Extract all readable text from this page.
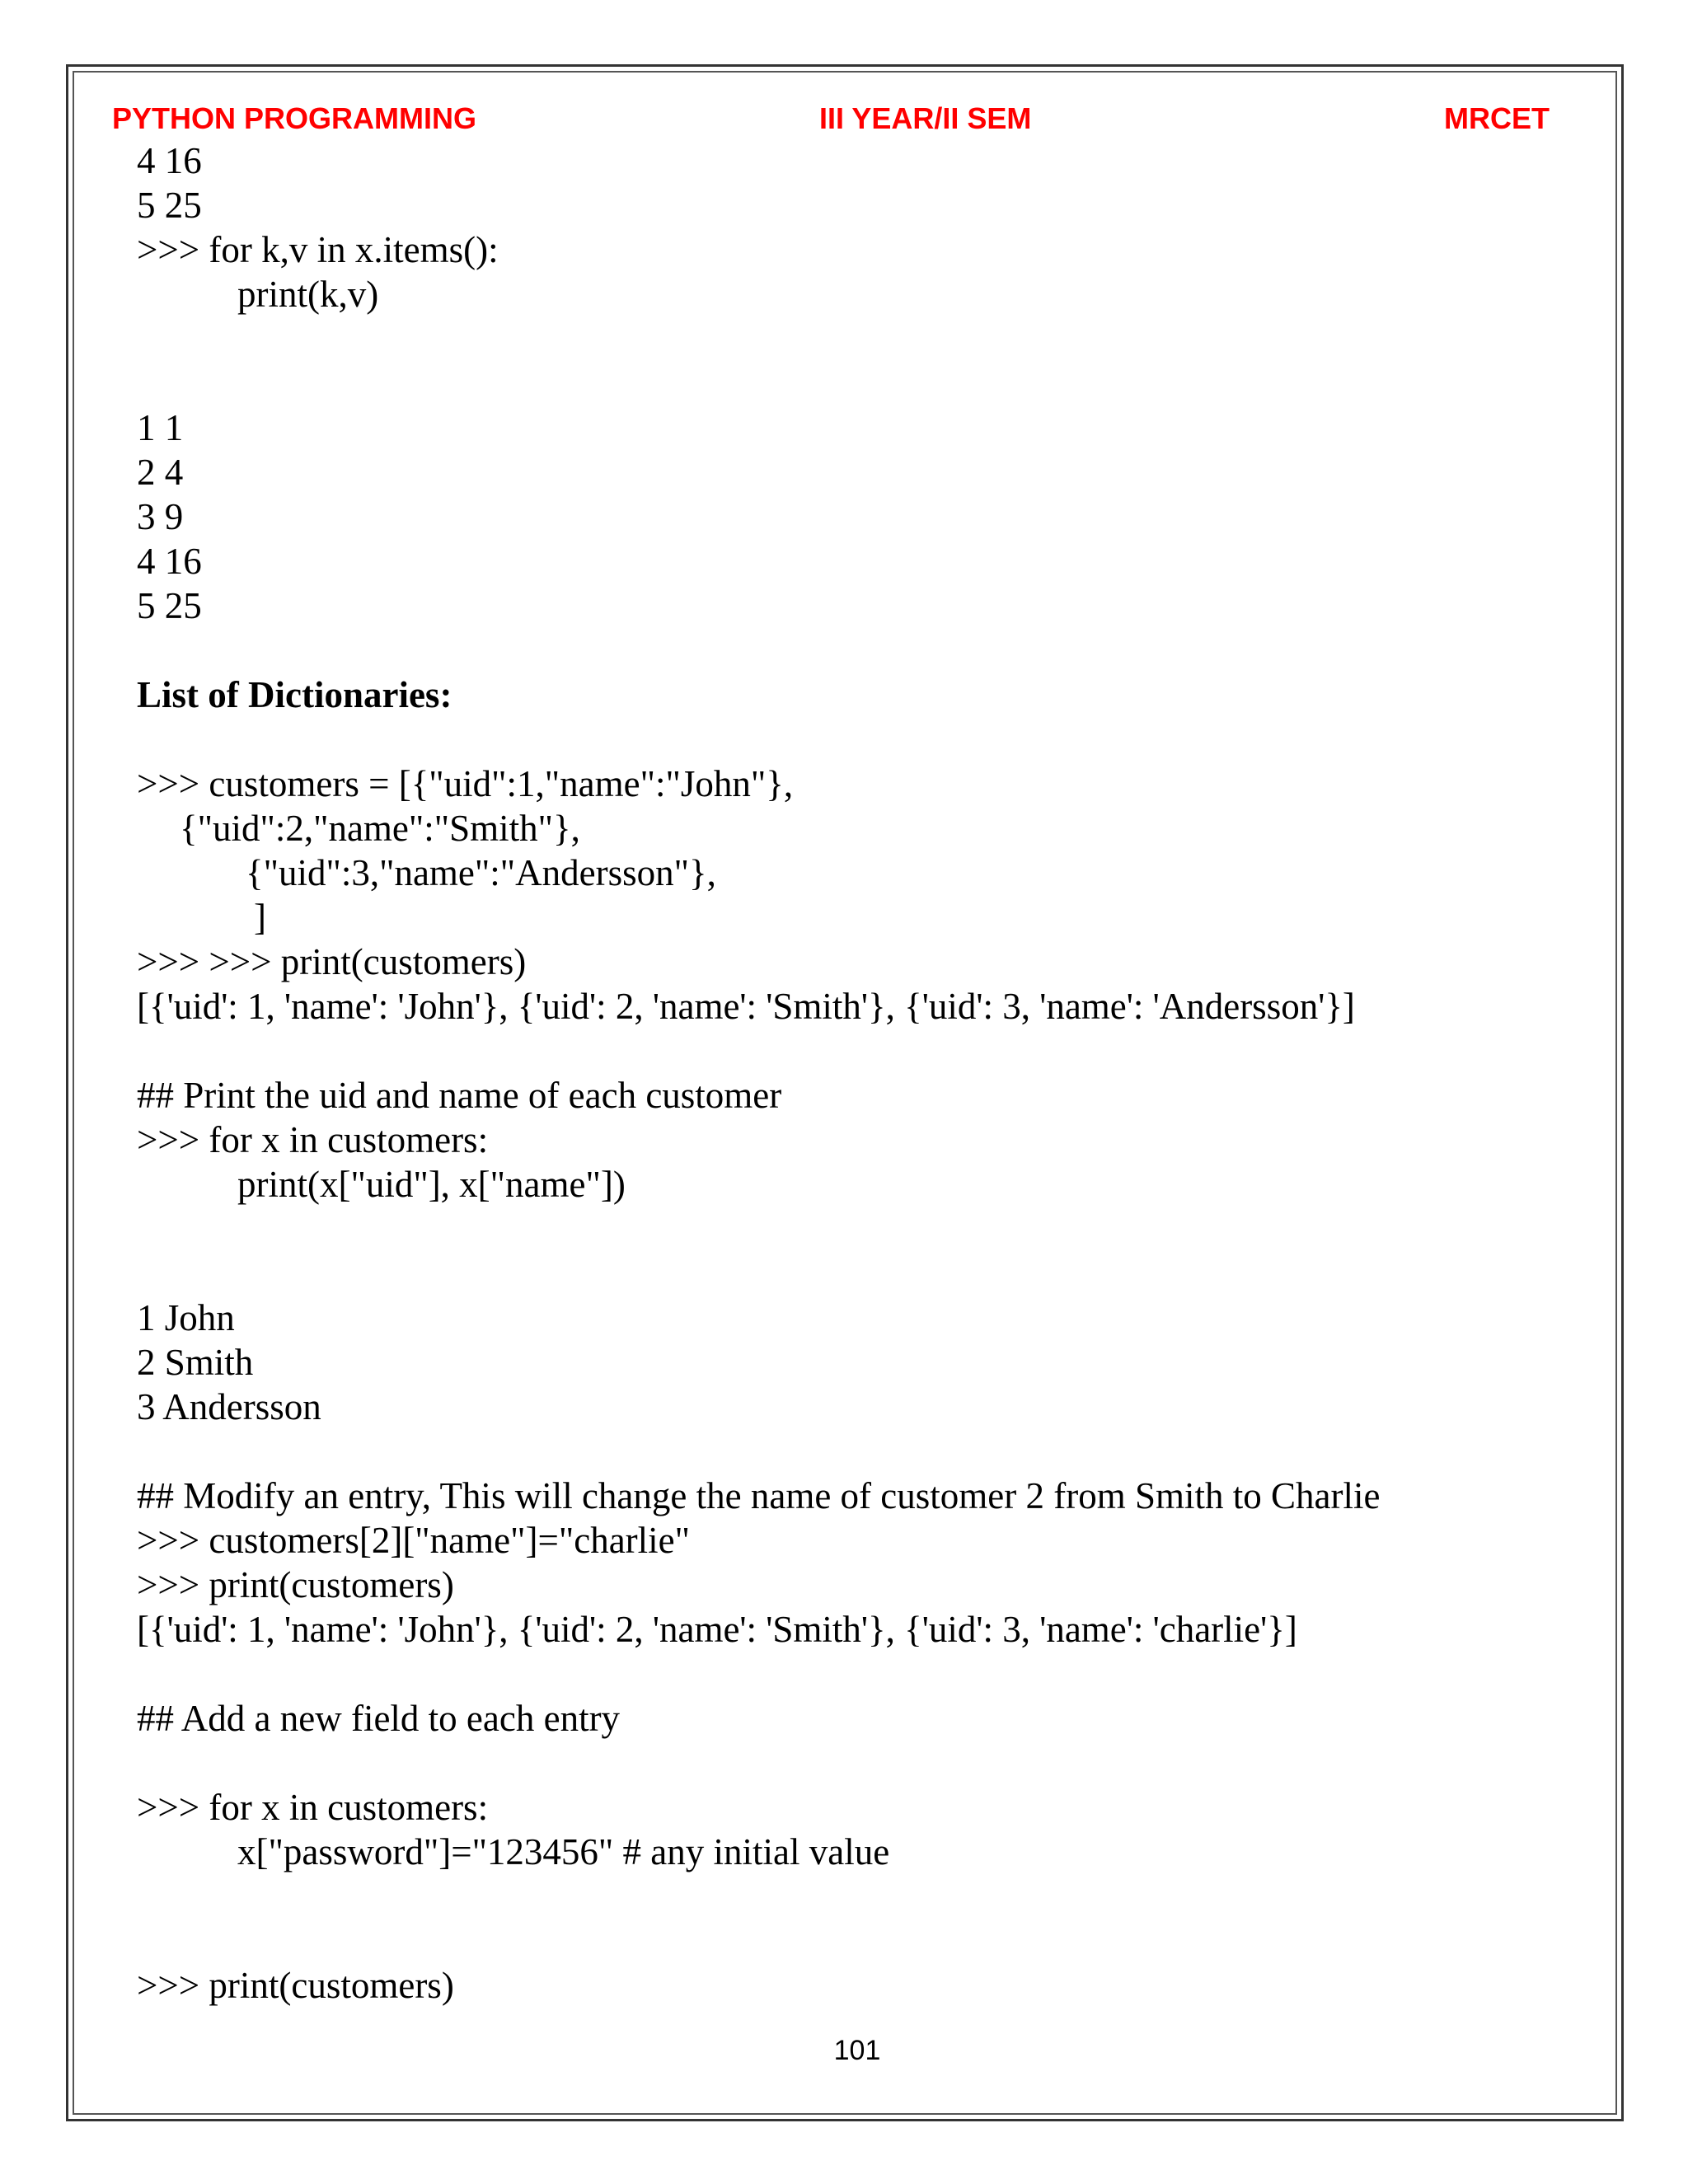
PYTHON PROGRAMMING	III YEAR/II SEM	MRCET
4 16
5 25
>>> for k,v in x.items():
print(k,v)
1 1
2 4
3 9
4 16
5 25
List of Dictionaries:
>>> customers = [{"uid":1,"name":"John"},
{"uid":2,"name":"Smith"},
{"uid":3,"name":"Andersson"},
]
>>> >>> print(customers)
[{'uid': 1, 'name': 'John'}, {'uid': 2, 'name': 'Smith'}, {'uid': 3, 'name': 'Andersson'}]
## Print the uid and name of each customer
>>> for x in customers:
print(x["uid"], x["name"])
1 John
2 Smith
3 Andersson
## Modify an entry, This will change the name of customer 2 from Smith to Charlie
>>> customers[2]["name"]="charlie"
>>> print(customers)
[{'uid': 1, 'name': 'John'}, {'uid': 2, 'name': 'Smith'}, {'uid': 3, 'name': 'charlie'}]
## Add a new field to each entry
>>> for x in customers:
x["password"]="123456" # any initial value
>>> print(customers)
101
